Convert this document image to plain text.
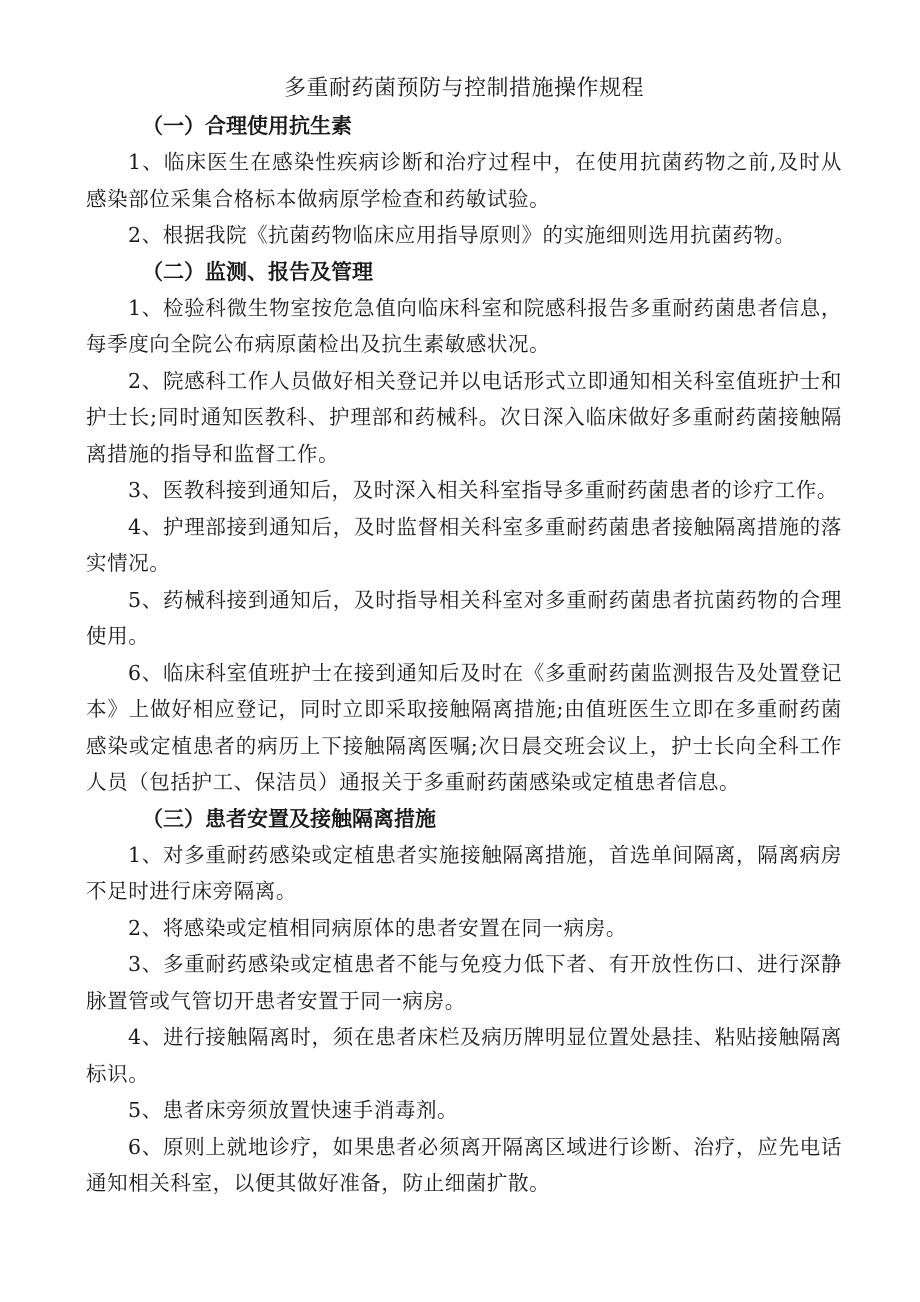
多重耐药菌预防与控制措施操作规程

（一）合理使用抗生素

1、临床医生在感染性疾病诊断和治疗过程中，在使用抗菌药物之前,及时从感染部位采集合格标本做病原学检查和药敏试验。

2、根据我院《抗菌药物临床应用指导原则》的实施细则选用抗菌药物。

（二）监测、报告及管理

1、检验科微生物室按危急值向临床科室和院感科报告多重耐药菌患者信息，每季度向全院公布病原菌检出及抗生素敏感状况。

2、院感科工作人员做好相关登记并以电话形式立即通知相关科室值班护士和护士长;同时通知医教科、护理部和药械科。次日深入临床做好多重耐药菌接触隔离措施的指导和监督工作。

3、医教科接到通知后，及时深入相关科室指导多重耐药菌患者的诊疗工作。

4、护理部接到通知后，及时监督相关科室多重耐药菌患者接触隔离措施的落实情况。

5、药械科接到通知后，及时指导相关科室对多重耐药菌患者抗菌药物的合理使用。

6、临床科室值班护士在接到通知后及时在《多重耐药菌监测报告及处置登记本》上做好相应登记，同时立即采取接触隔离措施;由值班医生立即在多重耐药菌感染或定植患者的病历上下接触隔离医嘱;次日晨交班会议上，护士长向全科工作人员（包括护工、保洁员）通报关于多重耐药菌感染或定植患者信息。

（三）患者安置及接触隔离措施

1、对多重耐药感染或定植患者实施接触隔离措施，首选单间隔离，隔离病房不足时进行床旁隔离。

2、将感染或定植相同病原体的患者安置在同一病房。

3、多重耐药感染或定植患者不能与免疫力低下者、有开放性伤口、进行深静脉置管或气管切开患者安置于同一病房。

4、进行接触隔离时，须在患者床栏及病历牌明显位置处悬挂、粘贴接触隔离标识。

5、患者床旁须放置快速手消毒剂。

6、原则上就地诊疗，如果患者必须离开隔离区域进行诊断、治疗，应先电话通知相关科室，以便其做好准备，防止细菌扩散。
